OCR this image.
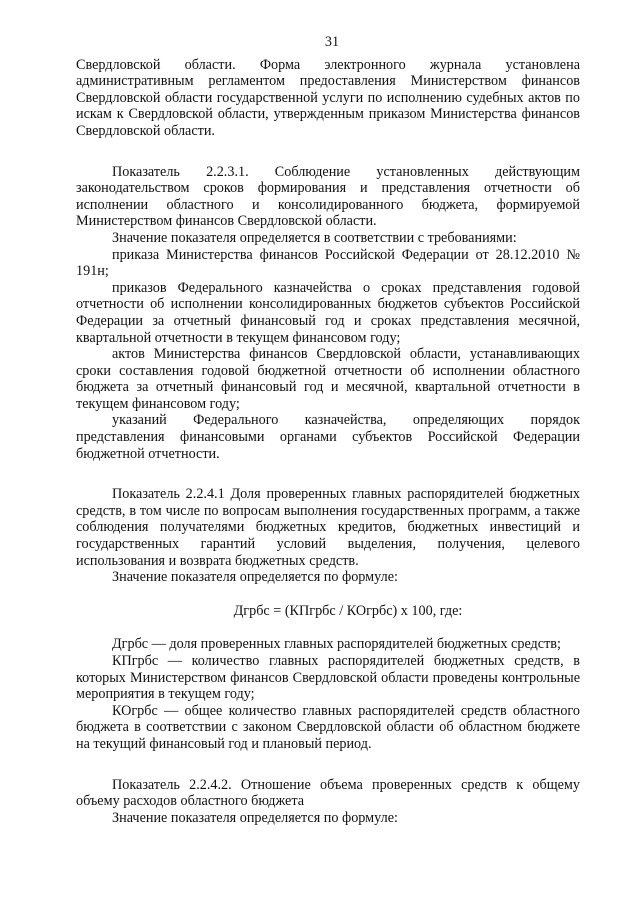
31

Свердловской области. Форма электронного журнала установлена административным регламентом предоставления Министерством финансов Свердловской области государственной услуги по исполнению судебных актов по искам к Свердловской области, утвержденным приказом Министерства финансов Свердловской области.

Показатель 2.2.3.1. Соблюдение установленных действующим законодательством сроков формирования и представления отчетности об исполнении областного и консолидированного бюджета, формируемой Министерством финансов Свердловской области.

Значение показателя определяется в соответствии с требованиями:

приказа Министерства финансов Российской Федерации от 28.12.2010 № 191н;

приказов Федерального казначейства о сроках представления годовой отчетности об исполнении консолидированных бюджетов субъектов Российской Федерации за отчетный финансовый год и сроках представления месячной, квартальной отчетности в текущем финансовом году;

актов Министерства финансов Свердловской области, устанавливающих сроки составления годовой бюджетной отчетности об исполнении областного бюджета за отчетный финансовый год и месячной, квартальной отчетности в текущем финансовом году;

указаний Федерального казначейства, определяющих порядок представления финансовыми органами субъектов Российской Федерации бюджетной отчетности.

Показатель 2.2.4.1 Доля проверенных главных распорядителей бюджетных средств, в том числе по вопросам выполнения государственных программ, а также соблюдения получателями бюджетных кредитов, бюджетных инвестиций и государственных гарантий условий выделения, получения, целевого использования и возврата бюджетных средств.

Значение показателя определяется по формуле:

Дгрбс = (КПгрбс / КОгрбс) х 100, где:

Дгрбс — доля проверенных главных распорядителей бюджетных средств;

КПгрбс — количество главных распорядителей бюджетных средств, в которых Министерством финансов Свердловской области проведены контрольные мероприятия в текущем году;

КОгрбс — общее количество главных распорядителей средств областного бюджета в соответствии с законом Свердловской области об областном бюджете на текущий финансовый год и плановый период.

Показатель 2.2.4.2. Отношение объема проверенных средств к общему объему расходов областного бюджета

Значение показателя определяется по формуле:
